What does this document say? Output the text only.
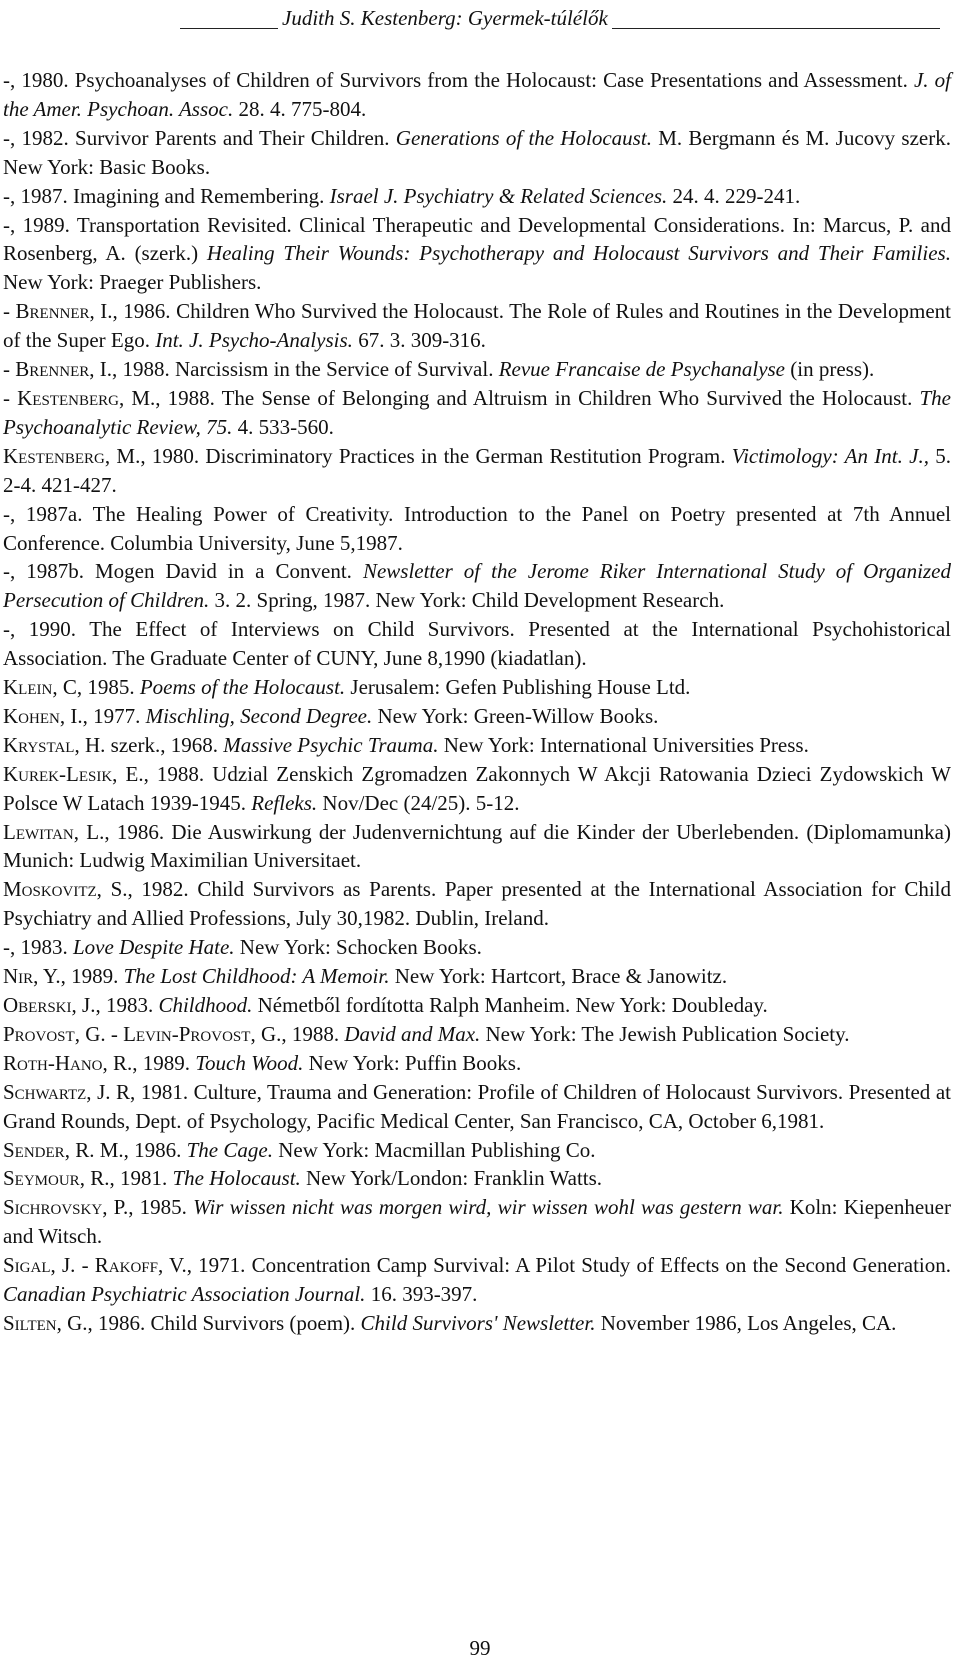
Judith S. Kestenberg: Gyermek-túlélők

-, 1980. Psychoanalyses of Children of Survivors from the Holocaust: Case Presentations and Assessment. J. of the Amer. Psychoan. Assoc. 28. 4. 775-804.

-, 1982. Survivor Parents and Their Children. Generations of the Holocaust. M. Bergmann és M. Jucovy szerk. New York: Basic Books.

-, 1987. Imagining and Remembering. Israel J. Psychiatry & Related Sciences. 24. 4. 229-241.

-, 1989. Transportation Revisited. Clinical Therapeutic and Developmental Considerations. In: Marcus, P. and Rosenberg, A. (szerk.) Healing Their Wounds: Psychotherapy and Holocaust Survivors and Their Families. New York: Praeger Publishers.

- Brenner, I., 1986. Children Who Survived the Holocaust. The Role of Rules and Routines in the Development of the Super Ego. Int. J. Psycho-Analysis. 67. 3. 309-316.

- Brenner, I., 1988. Narcissism in the Service of Survival. Revue Francaise de Psychanalyse (in press).

- Kestenberg, M., 1988. The Sense of Belonging and Altruism in Children Who Survived the Holocaust. The Psychoanalytic Review, 75. 4. 533-560.

Kestenberg, M., 1980. Discriminatory Practices in the German Restitution Program. Victimology: An Int. J., 5. 2-4. 421-427.

-, 1987a. The Healing Power of Creativity. Introduction to the Panel on Poetry presented at 7th Annuel Conference. Columbia University, June 5,1987.

-, 1987b. Mogen David in a Convent. Newsletter of the Jerome Riker International Study of Organized Persecution of Children. 3. 2. Spring, 1987. New York: Child Development Research.

-, 1990. The Effect of Interviews on Child Survivors. Presented at the International Psychohistorical Association. The Graduate Center of CUNY, June 8,1990 (kiadatlan).

Klein, C, 1985. Poems of the Holocaust. Jerusalem: Gefen Publishing House Ltd.

Kohen, I., 1977. Mischling, Second Degree. New York: Green-Willow Books.

Krystal, H. szerk., 1968. Massive Psychic Trauma. New York: International Universities Press.

Kurek-Lesik, E., 1988. Udzial Zenskich Zgromadzen Zakonnych W Akcji Ratowania Dzieci Zydowskich W Polsce W Latach 1939-1945. Refleks. Nov/Dec (24/25). 5-12.

Lewitan, L., 1986. Die Auswirkung der Judenvernichtung auf die Kinder der Uberlebenden. (Diplomamunka) Munich: Ludwig Maximilian Universitaet.

Moskovitz, S., 1982. Child Survivors as Parents. Paper presented at the International Association for Child Psychiatry and Allied Professions, July 30,1982. Dublin, Ireland.

-, 1983. Love Despite Hate. New York: Schocken Books.

Nir, Y., 1989. The Lost Childhood: A Memoir. New York: Hartcort, Brace & Janowitz.

Oberski, J., 1983. Childhood. Németből fordította Ralph Manheim. New York: Doubleday.

Provost, G. - Levin-Provost, G., 1988. David and Max. New York: The Jewish Publication Society.

Roth-Hano, R., 1989. Touch Wood. New York: Puffin Books.

Schwartz, J. R, 1981. Culture, Trauma and Generation: Profile of Children of Holocaust Survivors. Presented at Grand Rounds, Dept. of Psychology, Pacific Medical Center, San Francisco, CA, October 6,1981.

Sender, R. M., 1986. The Cage. New York: Macmillan Publishing Co.

Seymour, R., 1981. The Holocaust. New York/London: Franklin Watts.

Sichrovsky, P., 1985. Wir wissen nicht was morgen wird, wir wissen wohl was gestern war. Koln: Kiepenheuer and Witsch.

Sigal, J. - Rakoff, V., 1971. Concentration Camp Survival: A Pilot Study of Effects on the Second Generation. Canadian Psychiatric Association Journal. 16. 393-397.

Silten, G., 1986. Child Survivors (poem). Child Survivors' Newsletter. November 1986, Los Angeles, CA.

99
